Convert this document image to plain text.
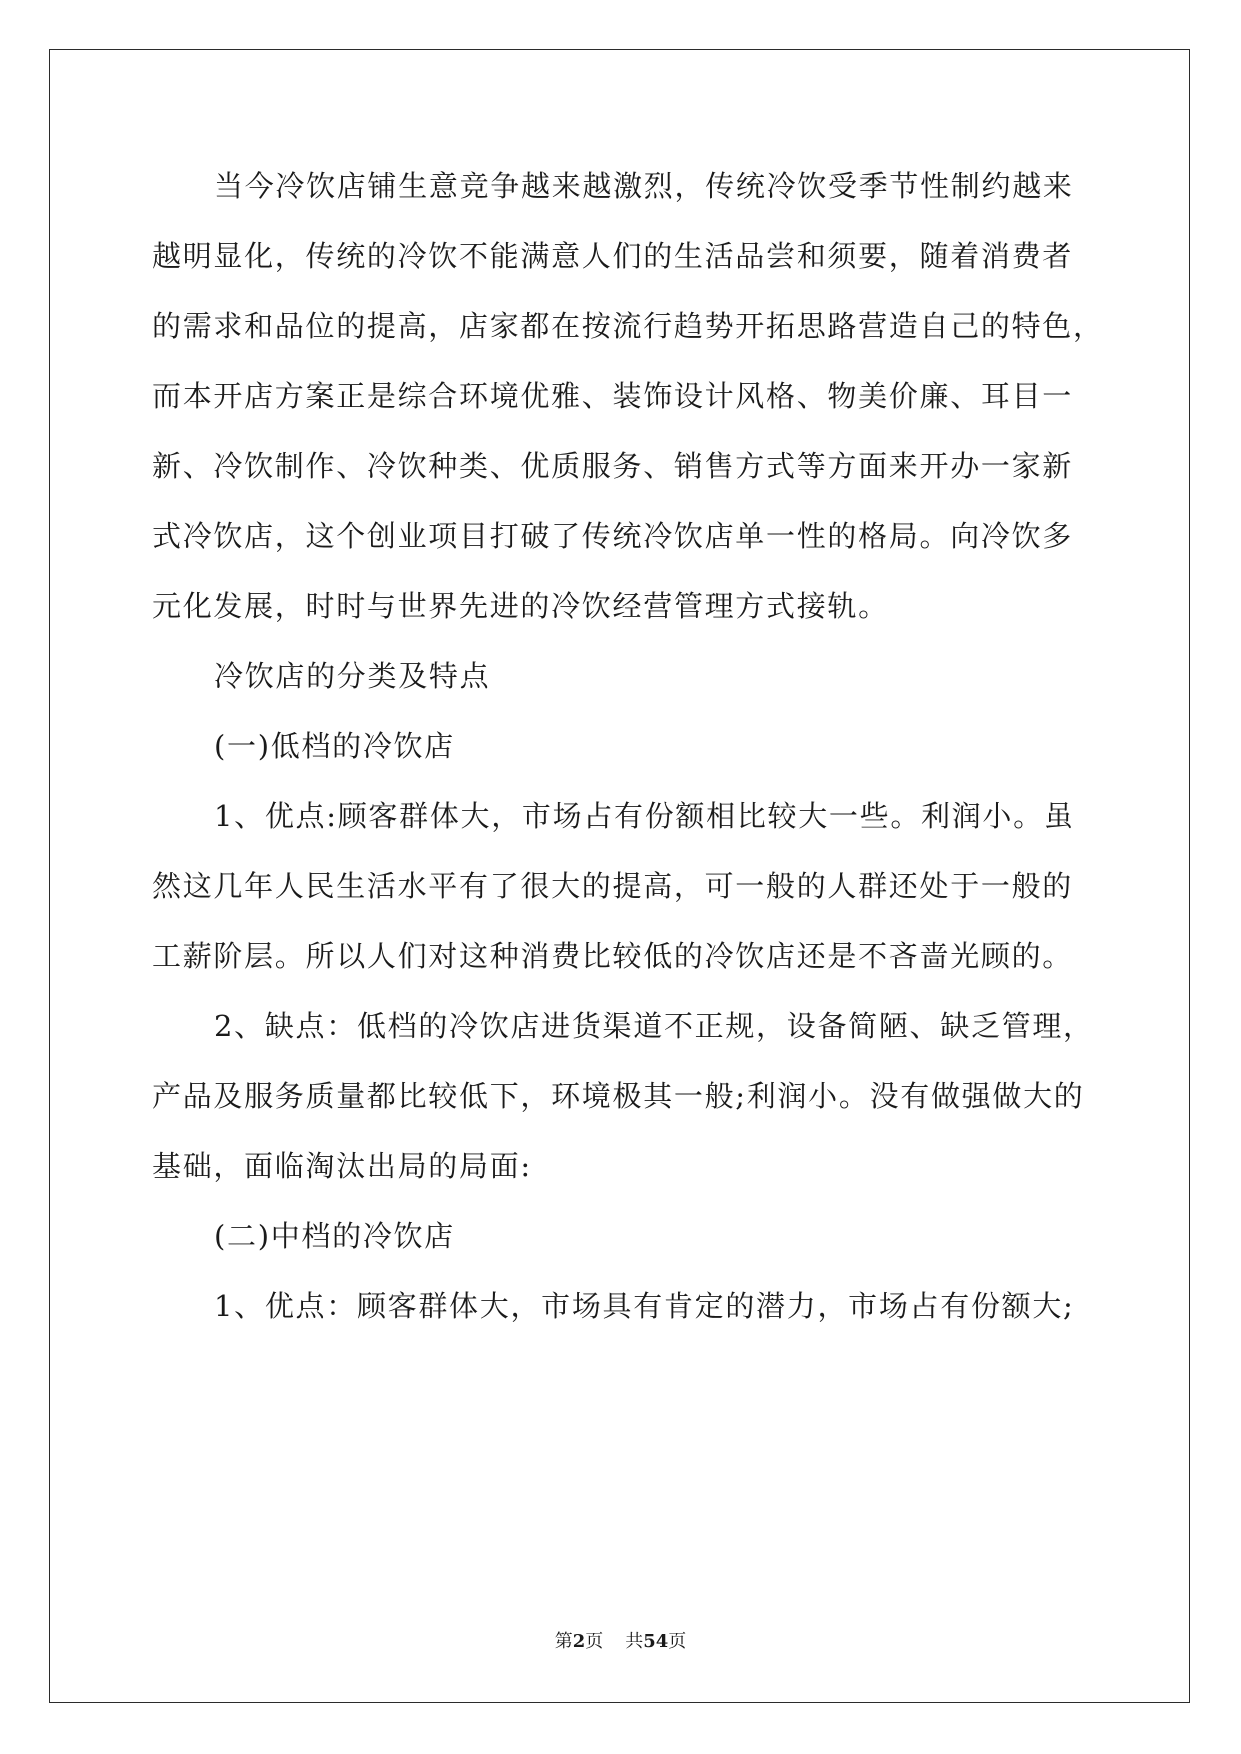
当今冷饮店铺生意竞争越来越激烈，传统冷饮受季节性制约越来
越明显化，传统的冷饮不能满意人们的生活品尝和须要，随着消费者
的需求和品位的提高，店家都在按流行趋势开拓思路营造自己的特色，
而本开店方案正是综合环境优雅、装饰设计风格、物美价廉、耳目一
新、冷饮制作、冷饮种类、优质服务、销售方式等方面来开办一家新
式冷饮店，这个创业项目打破了传统冷饮店单一性的格局。向冷饮多
元化发展，时时与世界先进的冷饮经营管理方式接轨。
冷饮店的分类及特点
(一)低档的冷饮店
1、优点:顾客群体大，市场占有份额相比较大一些。利润小。虽
然这几年人民生活水平有了很大的提高，可一般的人群还处于一般的
工薪阶层。所以人们对这种消费比较低的冷饮店还是不吝啬光顾的。
2、缺点：低档的冷饮店进货渠道不正规，设备简陋、缺乏管理，
产品及服务质量都比较低下，环境极其一般;利润小。没有做强做大的
基础，面临淘汰出局的局面:
(二)中档的冷饮店
1、优点：顾客群体大，市场具有肯定的潜力，市场占有份额大;
第2页 共54页
